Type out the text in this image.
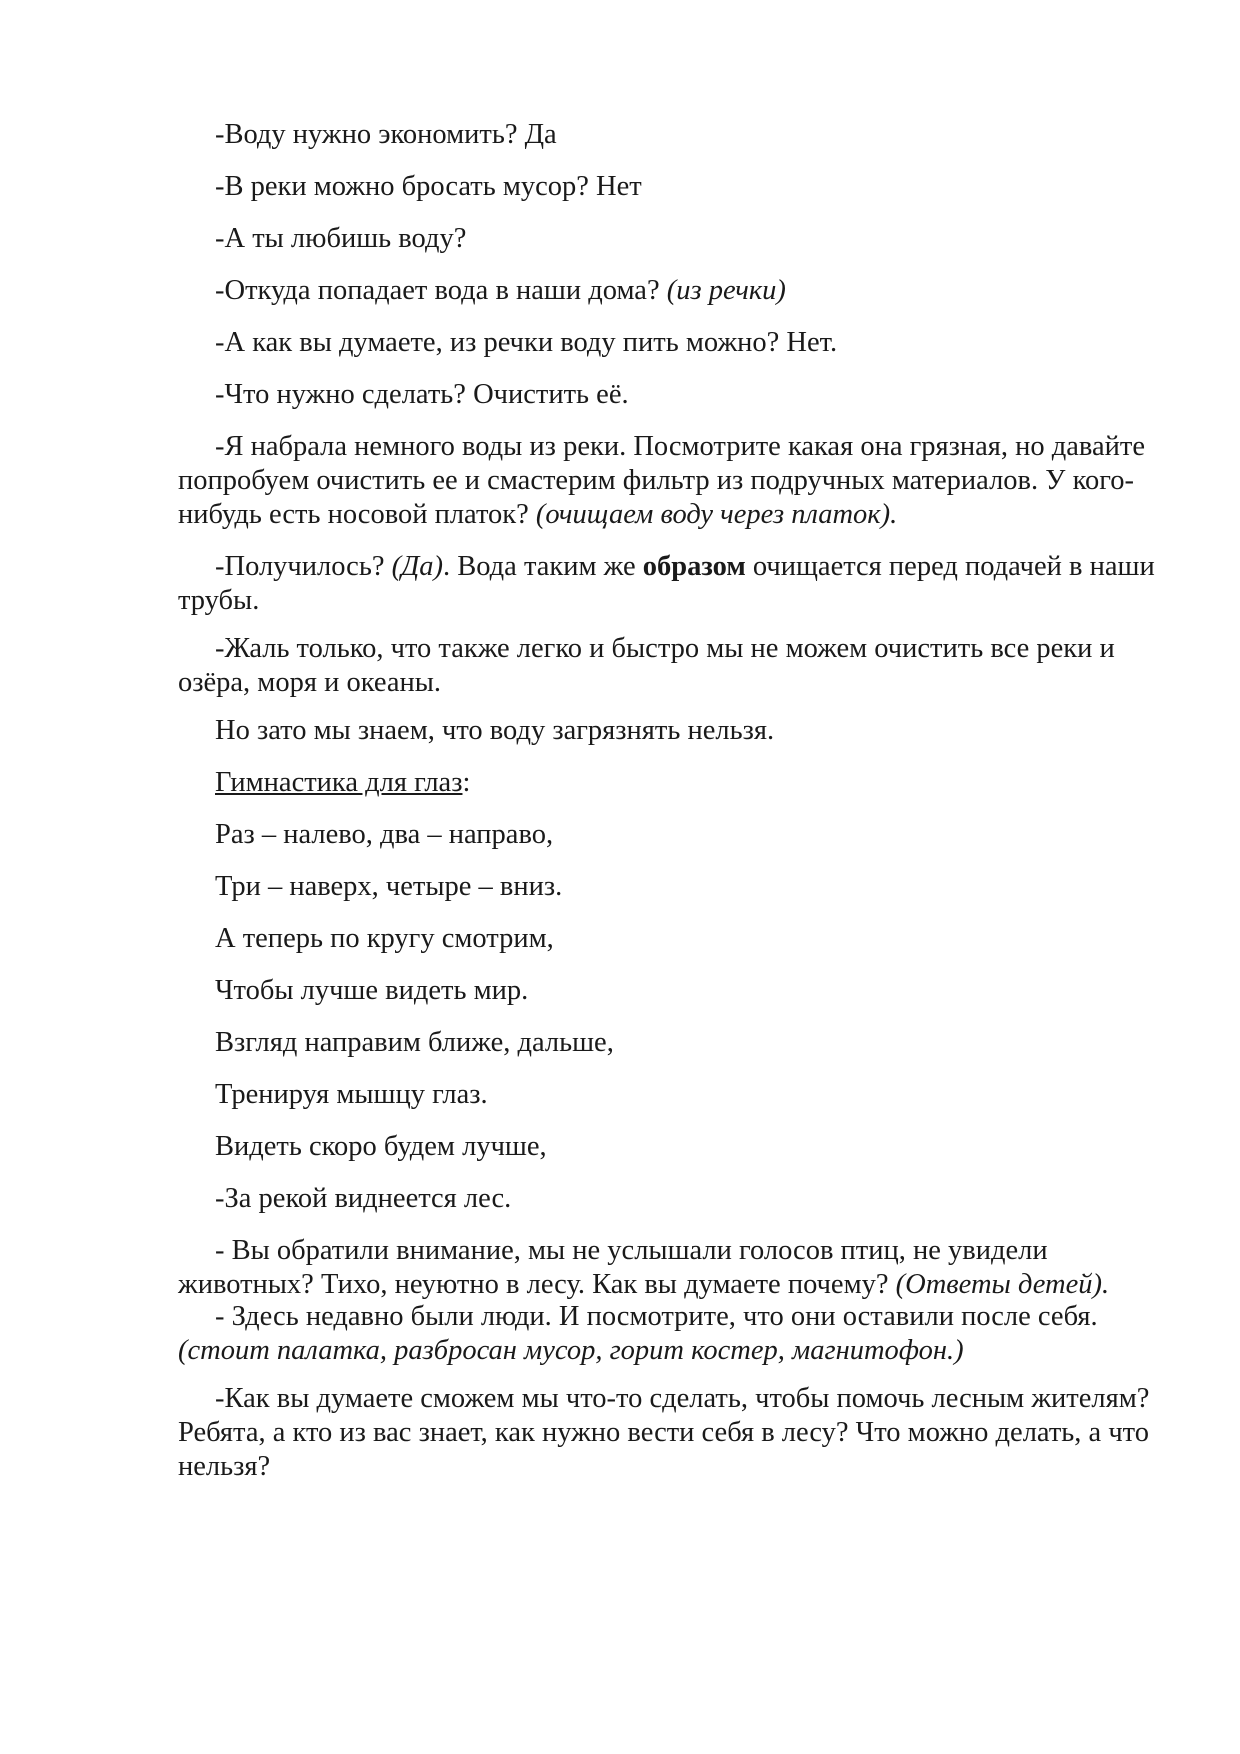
-Воду нужно экономить? Да

-В реки можно бросать мусор? Нет

-А ты любишь воду?

-Откуда попадает вода в наши дома? (из речки)

-А как вы думаете, из речки воду пить можно? Нет.

-Что нужно сделать? Очистить её.

-Я набрала немного воды из реки. Посмотрите какая она грязная, но давайте попробуем очистить ее и смастерим фильтр из подручных материалов. У кого-нибудь есть носовой платок? (очищаем воду через платок).

-Получилось? (Да). Вода таким же образом очищается перед подачей в наши трубы.

-Жаль только, что также легко и быстро мы не можем очистить все реки и озёра, моря и океаны.

Но зато мы знаем, что воду загрязнять нельзя.

Гимнастика для глаз:

Раз – налево, два – направо,

Три – наверх, четыре – вниз.

А теперь по кругу смотрим,

Чтобы лучше видеть мир.

Взгляд направим ближе, дальше,

Тренируя мышцу глаз.

Видеть скоро будем лучше,

-За рекой виднеется лес.

- Вы обратили внимание, мы не услышали голосов птиц, не увидели животных? Тихо, неуютно в лесу. Как вы думаете почему? (Ответы детей).

- Здесь недавно были люди. И посмотрите, что они оставили после себя. (стоит палатка, разбросан мусор, горит костер, магнитофон.)

-Как вы думаете сможем мы что-то сделать, чтобы помочь лесным жителям? Ребята, а кто из вас знает, как нужно вести себя в лесу? Что можно делать, а что нельзя?
